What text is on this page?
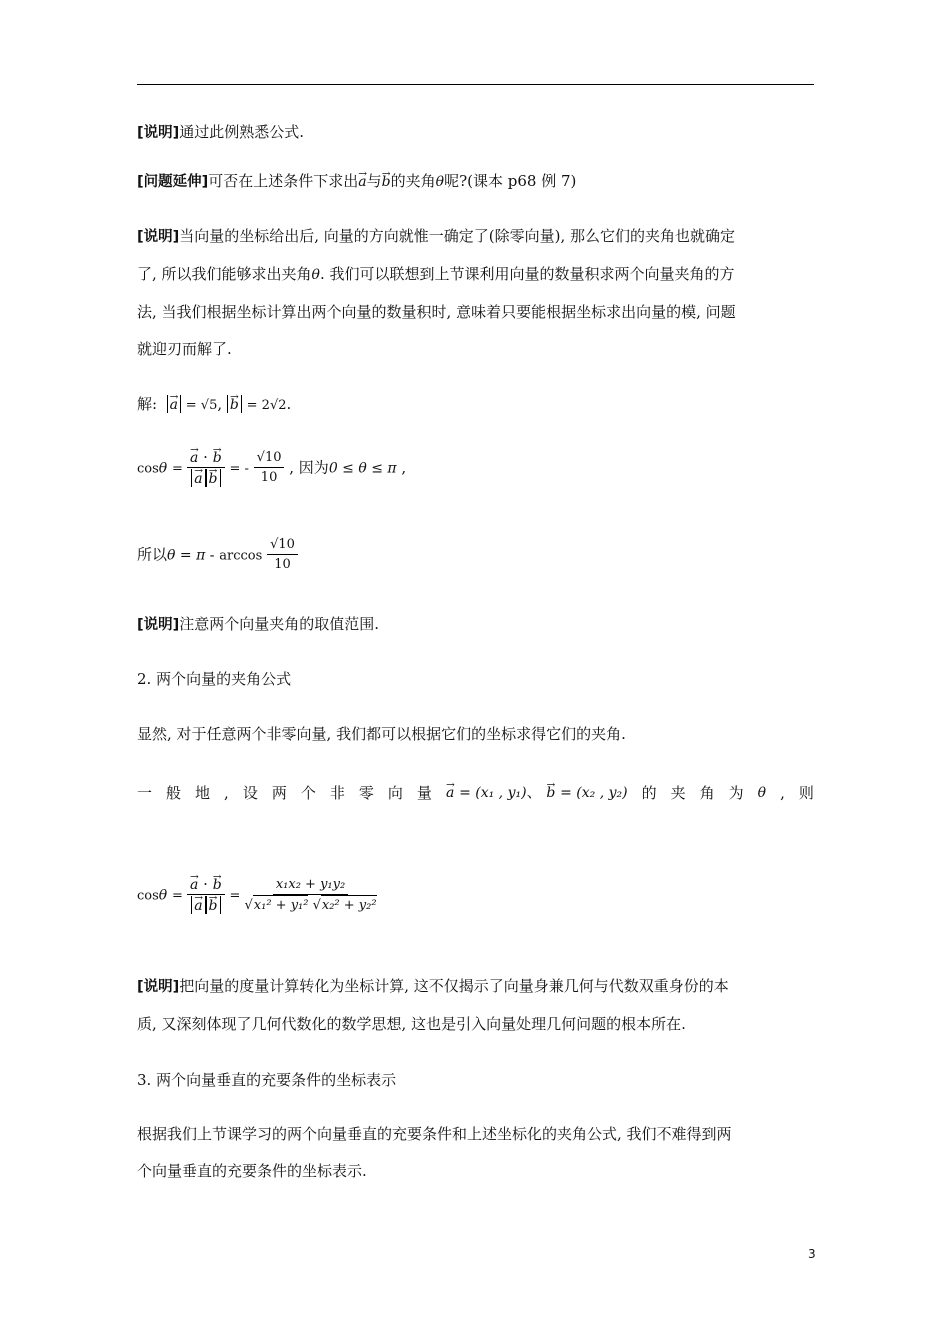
[说明]通过此例熟悉公式.

[问题延伸]可否在上述条件下求出→ a与→ b的夹角θ呢?(课本 p68 例 7)

[说明]当向量的坐标给出后, 向量的方向就惟一确定了(除零向量), 那么它们的夹角也就确定
了, 所以我们能够求出夹角θ. 我们可以联想到上节课利用向量的数量积求两个向量夹角的方
法, 当我们根据坐标计算出两个向量的数量积时, 意味着只要能根据坐标求出向量的模, 问题
就迎刃而解了.
解: → a = √5, → b = 2√2.
cosθ = → a · → b
→ a → b = - $\frac{√10}{10}$ , 因为0 ≤ θ ≤ π ,
所以$\theta = \pi - \arccos \frac{√10}{10}$

[说明]注意两个向量夹角的取值范围.

2. 两个向量的夹角公式

显然, 对于任意两个非零向量, 我们都可以根据它们的坐标求得它们的夹角.

一 般 地 , 设 两 个 非 零 向 量 → a = (x₁ , y₁)、 → b = (x₂ , y₂) 的 夹 角 为 θ , 则
cosθ = → a · → b
→ $a \to b = \frac{\text{x₁x₂ + y₁y₂}}{\text{√x₁² + y₁² √x₂² + y₂²}}$
[说明]把向量的度量计算转化为坐标计算, 这不仅揭示了向量身兼几何与代数双重身份的本
质, 又深刻体现了几何代数化的数学思想, 这也是引入向量处理几何问题的根本所在.

3. 两个向量垂直的充要条件的坐标表示

根据我们上节课学习的两个向量垂直的充要条件和上述坐标化的夹角公式, 我们不难得到两
个向量垂直的充要条件的坐标表示.
3
